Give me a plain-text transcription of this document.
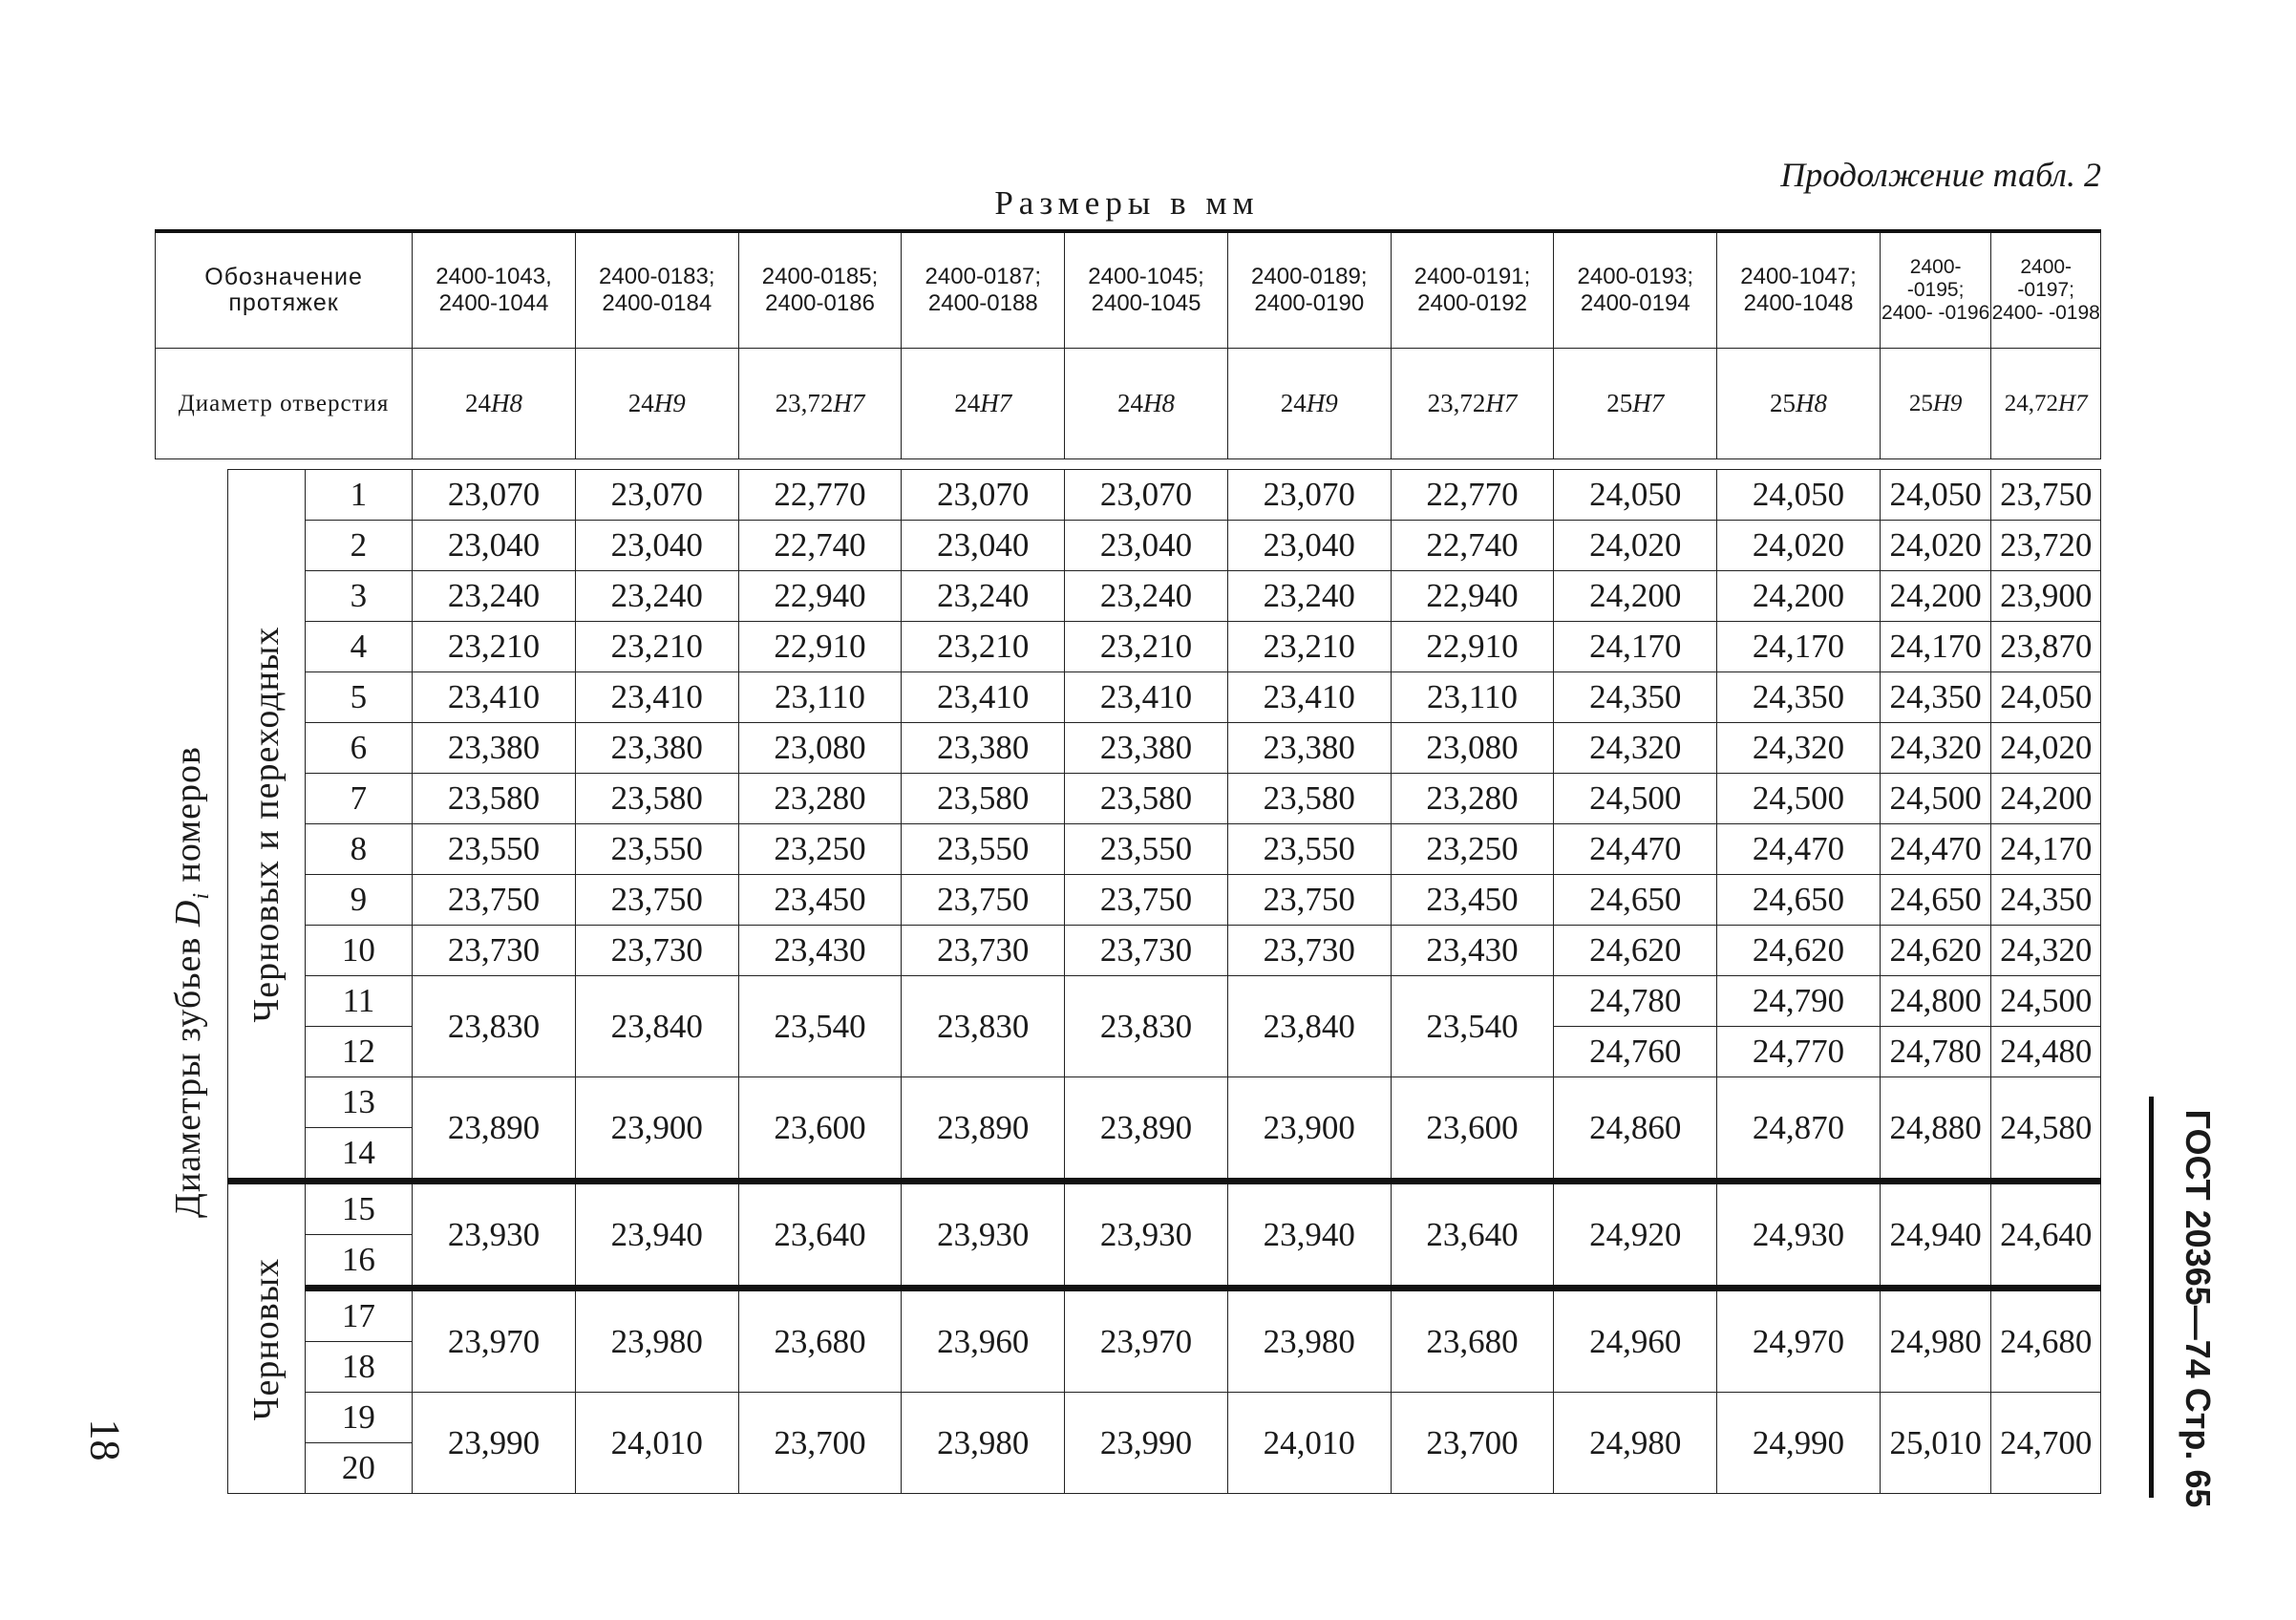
Продолжение табл. 2
Размеры в мм
18	ГОСТ 20365—74 Стр. 65
Обозначение протяжек			2400-1043, 2400-1044	2400-0183; 2400-0184	2400-0185; 2400-0186	2400-0187; 2400-0188	2400-1045; 2400-1045	2400-0189; 2400-0190	2400-0191; 2400-0192	2400-0193; 2400-0194	2400-1047; 2400-1048	2400- -0195; 2400- -0196	2400- -0197; 2400- -0198
Диаметр отверстия			24H8	24H9	23,72H7	24H7	24H8	24H9	23,72H7	25H7	25H8	25H9	24,72H7

Диаметры зубьев $D_i$ номеров	Черновых и переходных	1	23,070	23,070	22,770	23,070	23,070	23,070	22,770	24,050	24,050	24,050	23,750
		2	23,040	23,040	22,740	23,040	23,040	23,040	22,740	24,020	24,020	24,020	23,720
		3	23,240	23,240	22,940	23,240	23,240	23,240	22,940	24,200	24,200	24,200	23,900
		4	23,210	23,210	22,910	23,210	23,210	23,210	22,910	24,170	24,170	24,170	23,870
		5	23,410	23,410	23,110	23,410	23,410	23,410	23,110	24,350	24,350	24,350	24,050
		6	23,380	23,380	23,080	23,380	23,380	23,380	23,080	24,320	24,320	24,320	24,020
		7	23,580	23,580	23,280	23,580	23,580	23,580	23,280	24,500	24,500	24,500	24,200
		8	23,550	23,550	23,250	23,550	23,550	23,550	23,250	24,470	24,470	24,470	24,170
		9	23,750	23,750	23,450	23,750	23,750	23,750	23,450	24,650	24,650	24,650	24,350
		10	23,730	23,730	23,430	23,730	23,730	23,730	23,430	24,620	24,620	24,620	24,320
		11	23,830	23,840	23,540	23,830	23,830	23,840	23,540	24,780	24,790	24,800	24,500
		12								24,760	24,770	24,780	24,480
		13	23,890	23,900	23,600	23,890	23,890	23,900	23,600	24,860	24,870	24,880	24,580
		14											

	Черновых	15	23,930	23,940	23,640	23,930	23,930	23,940	23,640	24,920	24,930	24,940	24,640
		16											
		17	23,970	23,980	23,680	23,960	23,970	23,980	23,680	24,960	24,970	24,980	24,680
		18											
		19	23,990	24,010	23,700	23,980	23,990	24,010	23,700	24,980	24,990	25,010	24,700
		20											
